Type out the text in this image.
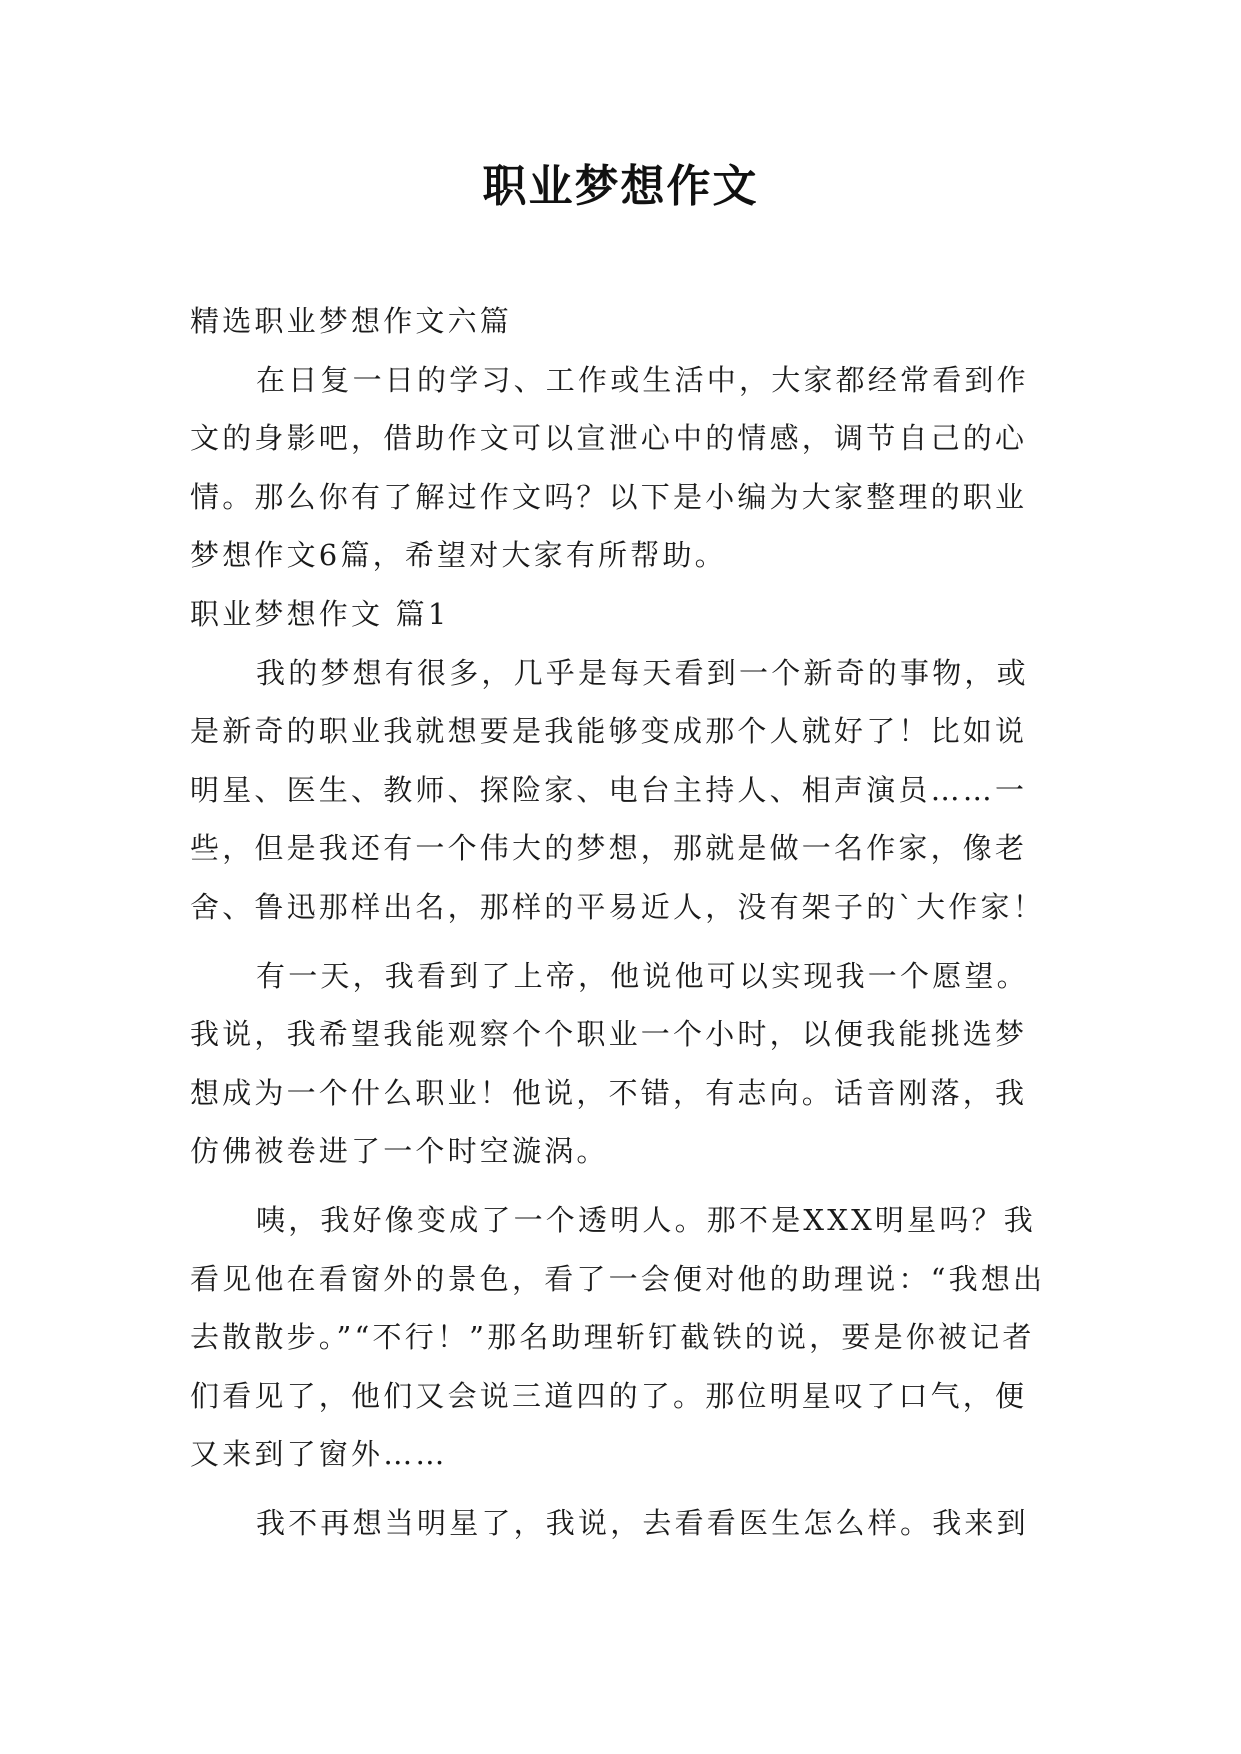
职业梦想作文

精选职业梦想作文六篇

在日复一日的学习、工作或生活中，大家都经常看到作文的身影吧，借助作文可以宣泄心中的情感，调节自己的心情。那么你有了解过作文吗？以下是小编为大家整理的职业梦想作文6篇，希望对大家有所帮助。

职业梦想作文 篇1

我的梦想有很多，几乎是每天看到一个新奇的事物，或是新奇的职业我就想要是我能够变成那个人就好了！比如说明星、医生、教师、探险家、电台主持人、相声演员……一些，但是我还有一个伟大的梦想，那就是做一名作家，像老舍、鲁迅那样出名，那样的平易近人，没有架子的`大作家！

有一天，我看到了上帝，他说他可以实现我一个愿望。我说，我希望我能观察个个职业一个小时，以便我能挑选梦想成为一个什么职业！他说，不错，有志向。话音刚落，我仿佛被卷进了一个时空漩涡。

咦，我好像变成了一个透明人。那不是XXX明星吗？我看见他在看窗外的景色，看了一会便对他的助理说：“我想出去散散步。”“不行！”那名助理斩钉截铁的说，要是你被记者们看见了，他们又会说三道四的了。那位明星叹了口气，便又来到了窗外……

我不再想当明星了，我说，去看看医生怎么样。我来到
